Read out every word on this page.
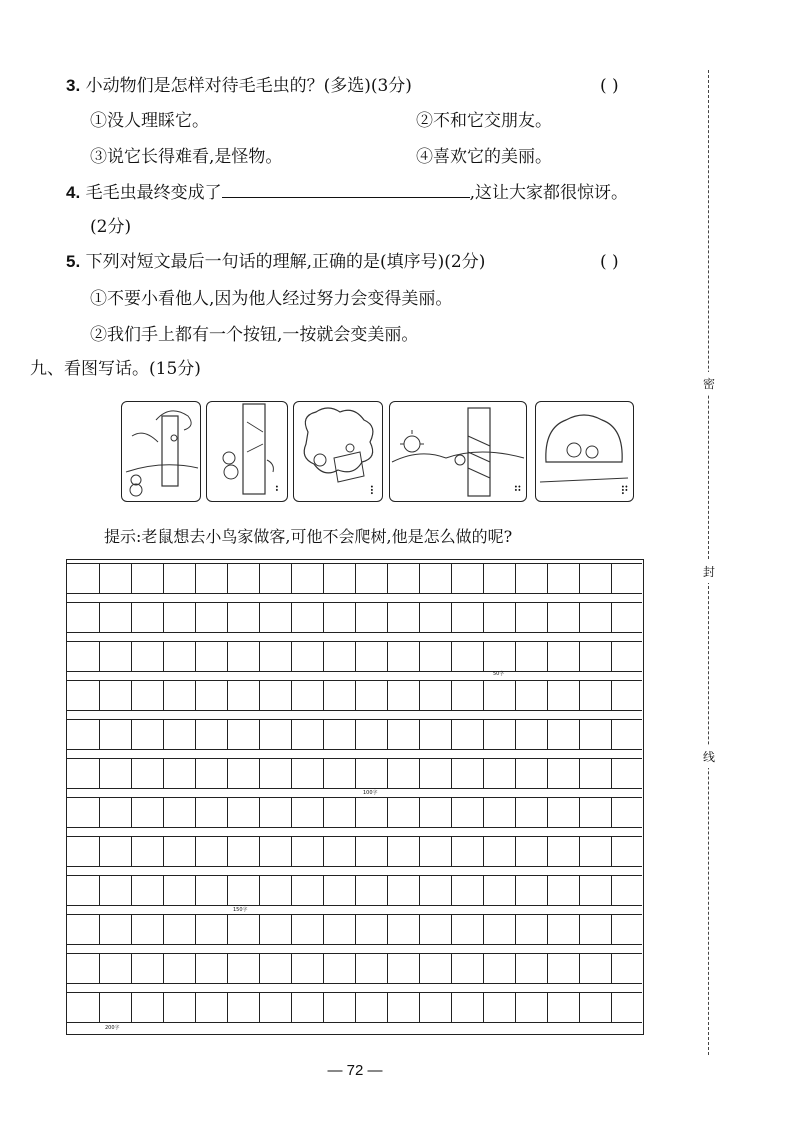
3. 小动物们是怎样对待毛毛虫的？(多选)(3分)	( )
①没人理睬它。	②不和它交朋友。
③说它长得难看,是怪物。	④喜欢它的美丽。
4. 毛毛虫最终变成了	,这让大家都很惊讶。
(2分)
5. 下列对短文最后一句话的理解,正确的是(填序号)(2分)	( )
①不要小看他人,因为他人经过努力会变得美丽。
②我们手上都有一个按钮,一按就会变美丽。
九、看图写话。(15分)
⠃	⠇	⠛	⠟
提示:老鼠想去小鸟家做客,可他不会爬树,他是怎么做的呢?
50字
100字
150字
200字
密
封
线
— 72 —
